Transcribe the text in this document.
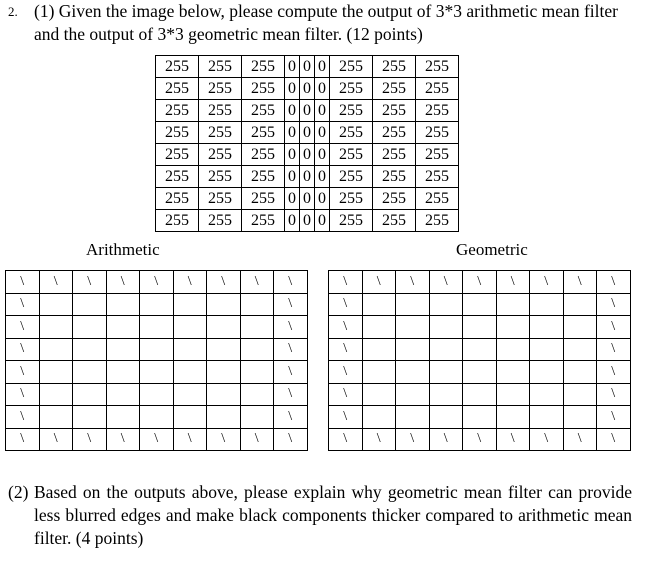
2. (1) Given the image below, please compute the output of 3*3 arithmetic mean filter and the output of 3*3 geometric mean filter. (12 points)
255	255	255	0	0	0	255	255	255
255	255	255	0	0	0	255	255	255
255	255	255	0	0	0	255	255	255
255	255	255	0	0	0	255	255	255
255	255	255	0	0	0	255	255	255
255	255	255	0	0	0	255	255	255
255	255	255	0	0	0	255	255	255
255	255	255	0	0	0	255	255	255
Arithmetic	Geometric
\	\	\	\	\	\	\	\	\
\								\
\								\
\								\
\								\
\								\
\								\
\	\	\	\	\	\	\	\	\
\	\	\	\	\	\	\	\	\
\								\
\								\
\								\
\								\
\								\
\								\
\	\	\	\	\	\	\	\	\
(2) Based on the outputs above, please explain why geometric mean filter can provide less blurred edges and make black components thicker compared to arithmetic mean filter. (4 points)
